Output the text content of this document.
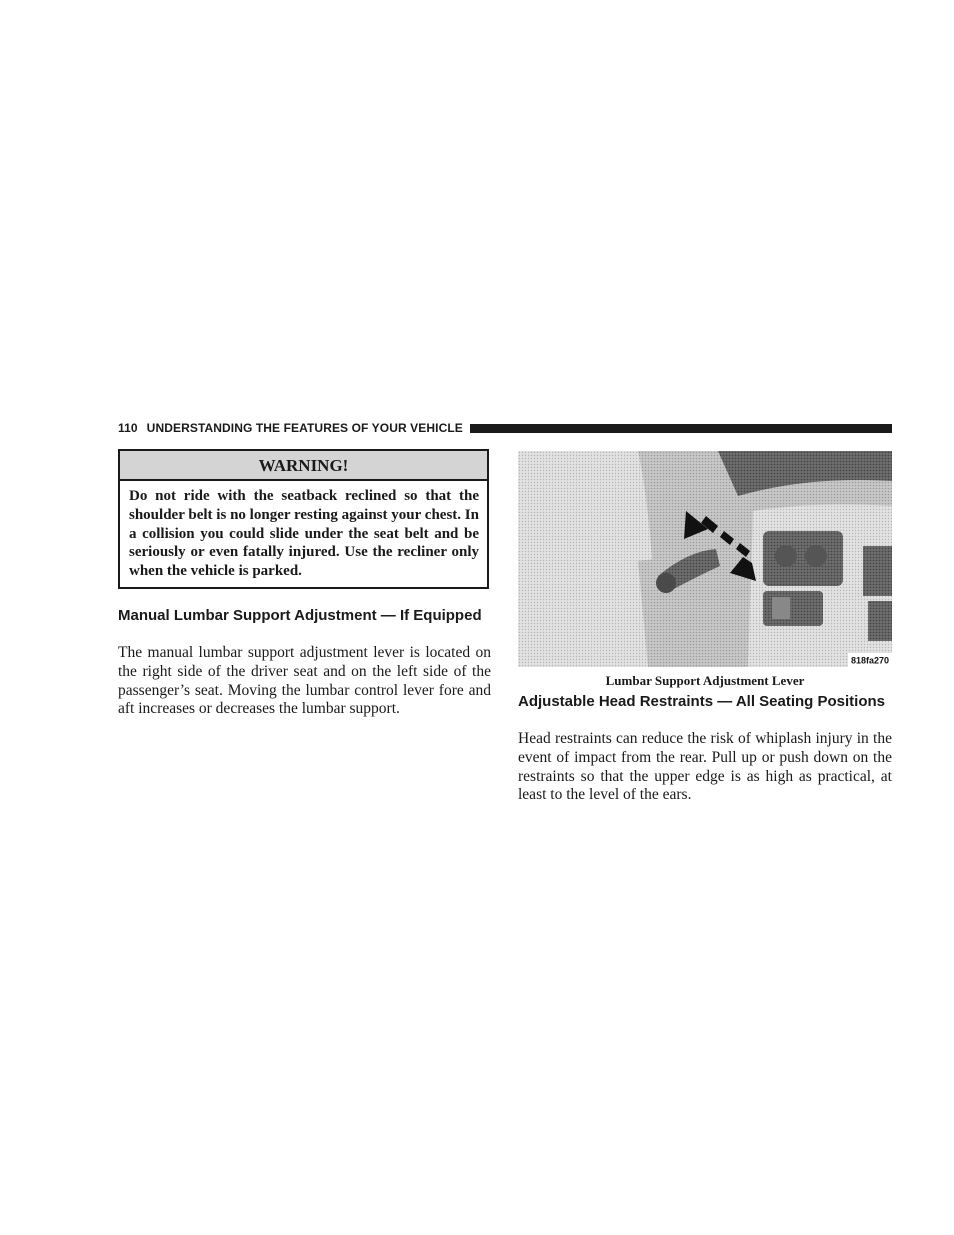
110 UNDERSTANDING THE FEATURES OF YOUR VEHICLE
WARNING!
Do not ride with the seatback reclined so that the shoulder belt is no longer resting against your chest. In a collision you could slide under the seat belt and be seriously or even fatally injured. Use the recliner only when the vehicle is parked.
Manual Lumbar Support Adjustment — If Equipped
The manual lumbar support adjustment lever is located on the right side of the driver seat and on the left side of the passenger’s seat. Moving the lumbar control lever fore and aft increases or decreases the lumbar support.
818fa270
Lumbar Support Adjustment Lever
Adjustable Head Restraints — All Seating Positions
Head restraints can reduce the risk of whiplash injury in the event of impact from the rear. Pull up or push down on the restraints so that the upper edge is as high as practical, at least to the level of the ears.
